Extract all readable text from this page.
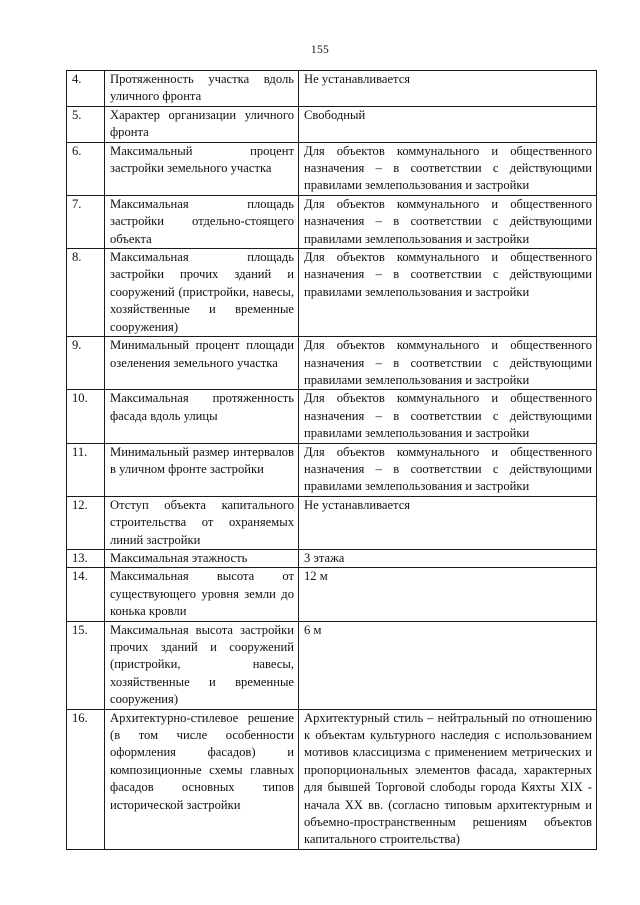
155
4.	Протяженность участка вдоль уличного фронта	Не устанавливается
5.	Характер организации уличного фронта	Свободный
6.	Максимальный процент застройки земельного участка	Для объектов коммунального и общественного назначения – в соответствии с действующими правилами землепользования и застройки
7.	Максимальная площадь застройки отдельно-стоящего объекта	Для объектов коммунального и общественного назначения – в соответствии с действующими правилами землепользования и застройки
8.	Максимальная площадь застройки прочих зданий и сооружений (пристройки, навесы, хозяйственные и временные сооружения)	Для объектов коммунального и общественного назначения – в соответствии с действующими правилами землепользования и застройки
9.	Минимальный процент площади озеленения земельного участка	Для объектов коммунального и общественного назначения – в соответствии с действующими правилами землепользования и застройки
10.	Максимальная протяженность фасада вдоль улицы	Для объектов коммунального и общественного назначения – в соответствии с действующими правилами землепользования и застройки
11.	Минимальный размер интервалов в уличном фронте застройки	Для объектов коммунального и общественного назначения – в соответствии с действующими правилами землепользования и застройки
12.	Отступ объекта капитального строительства от охраняемых линий застройки	Не устанавливается
13.	Максимальная этажность	3 этажа
14.	Максимальная высота от существующего уровня земли до конька кровли	12 м
15.	Максимальная высота застройки прочих зданий и сооружений (пристройки, навесы, хозяйственные и временные сооружения)	6 м
16.	Архитектурно-стилевое решение (в том числе особенности оформления фасадов) и композиционные схемы главных фасадов основных типов исторической застройки	Архитектурный стиль – нейтральный по отношению к объектам культурного наследия с использованием мотивов классицизма с применением метрических и пропорциональных элементов фасада, характерных для бывшей Торговой слободы города Кяхты XIX - начала XX вв. (согласно типовым архитектурным и объемно-пространственным решениям объектов капитального строительства)
